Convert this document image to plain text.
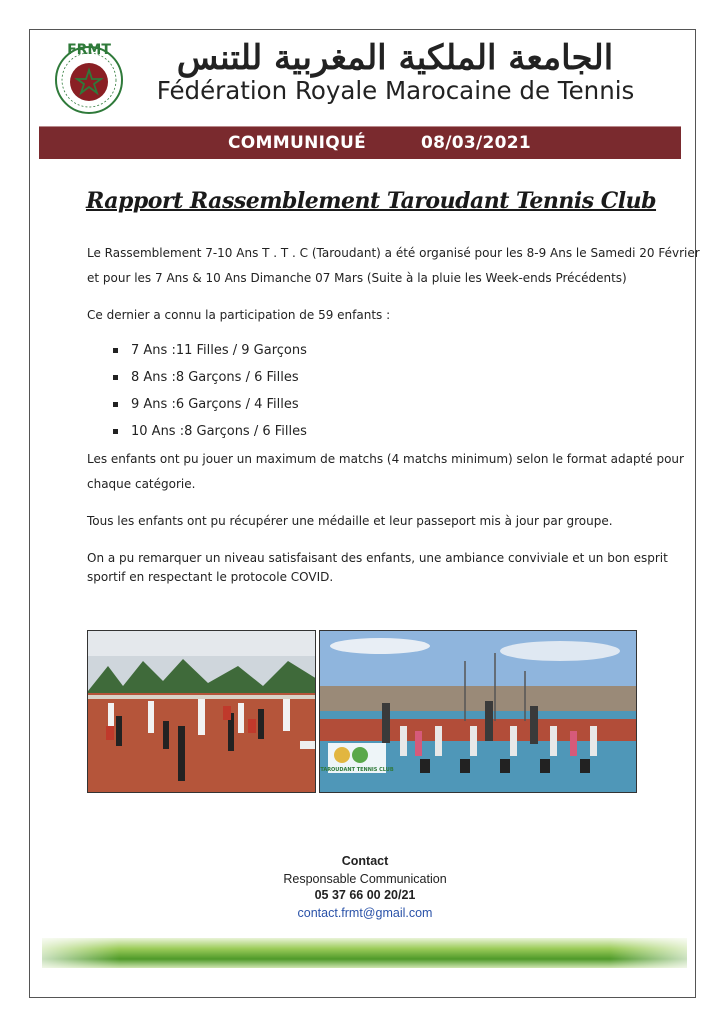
FRMT	الجامعة الملكية المغربية للتنس
Fédération Royale Marocaine de Tennis
COMMUNIQUÉ	08/03/2021
Rapport Rassemblement Taroudant Tennis Club
Le Rassemblement 7-10 Ans T . T . C (Taroudant) a été organisé pour les 8-9 Ans le Samedi 20 Février
et pour les 7 Ans & 10 Ans Dimanche 07 Mars (Suite à la pluie les Week-ends Précédents)
Ce dernier a connu la participation de 59 enfants :
7 Ans :11 Filles / 9 Garçons
8 Ans :8 Garçons / 6 Filles
9 Ans :6 Garçons / 4 Filles
10 Ans :8 Garçons / 6 Filles
Les enfants ont pu jouer un maximum de matchs (4 matchs minimum) selon le format adapté pour
chaque catégorie.
Tous les enfants ont pu récupérer une médaille et leur passeport mis à jour par groupe.
On a pu remarquer un niveau satisfaisant des enfants, une ambiance conviviale et un bon esprit
sportif en respectant le protocole COVID.
TAROUDANT TENNIS CLUB
Contact
Responsable Communication
05 37 66 00 20/21
contact.frmt@gmail.com
